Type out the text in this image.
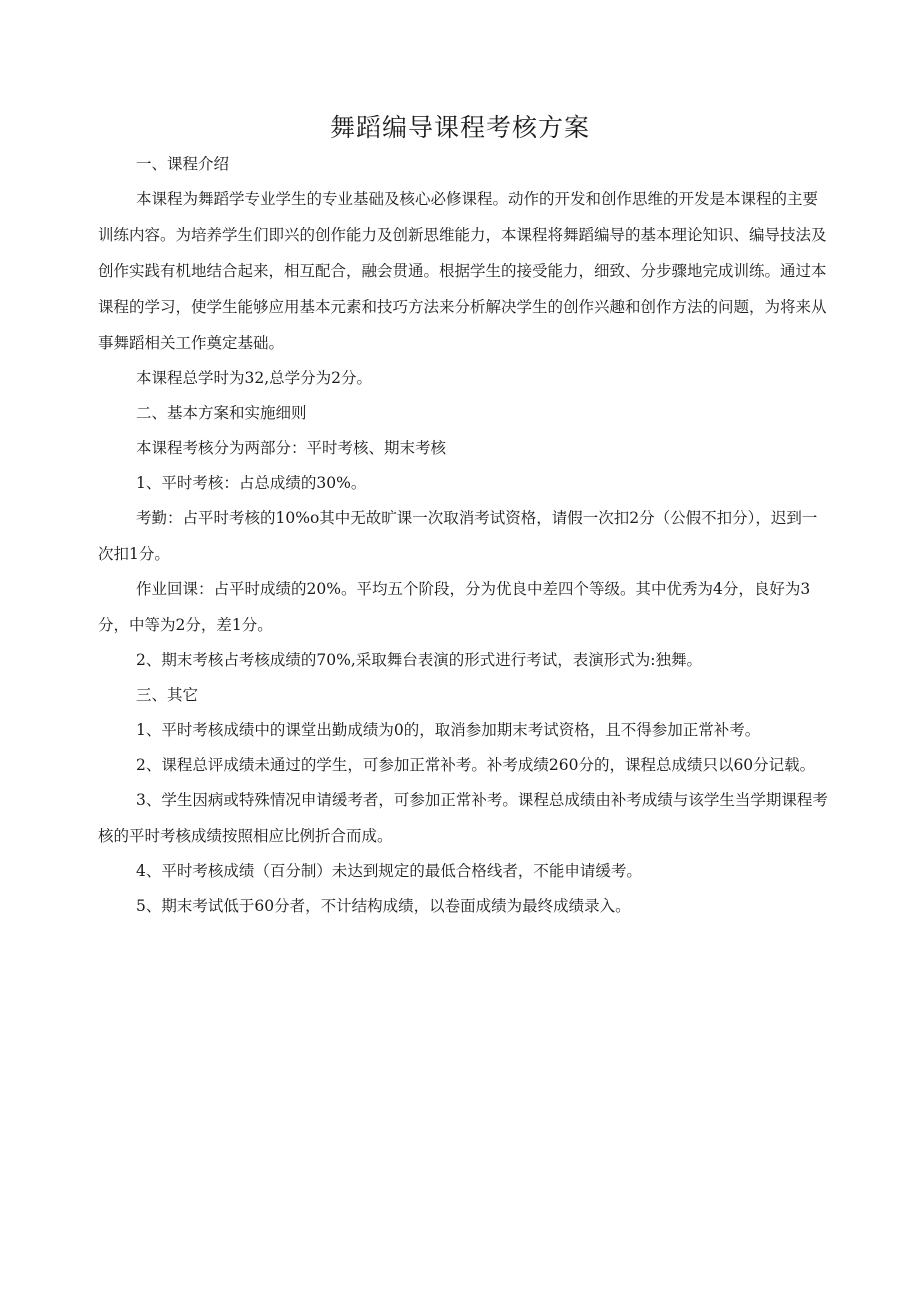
舞蹈编导课程考核方案

一、课程介绍

本课程为舞蹈学专业学生的专业基础及核心必修课程。动作的开发和创作思维的开发是本课程的主要训练内容。为培养学生们即兴的创作能力及创新思维能力，本课程将舞蹈编导的基本理论知识、编导技法及创作实践有机地结合起来，相互配合，融会贯通。根据学生的接受能力，细致、分步骤地完成训练。通过本课程的学习，使学生能够应用基本元素和技巧方法来分析解决学生的创作兴趣和创作方法的问题，为将来从事舞蹈相关工作奠定基础。

本课程总学时为32,总学分为2分。

二、基本方案和实施细则

本课程考核分为两部分：平时考核、期末考核

1、平时考核：占总成绩的30%。

考勤：占平时考核的10%o其中无故旷课一次取消考试资格，请假一次扣2分（公假不扣分），迟到一次扣1分。

作业回课：占平时成绩的20%。平均五个阶段，分为优良中差四个等级。其中优秀为4分，良好为3分，中等为2分，差1分。

2、期末考核占考核成绩的70%,采取舞台表演的形式进行考试，表演形式为:独舞。

三、其它

1、平时考核成绩中的课堂出勤成绩为0的，取消参加期末考试资格，且不得参加正常补考。

2、课程总评成绩未通过的学生，可参加正常补考。补考成绩260分的，课程总成绩只以60分记载。

3、学生因病或特殊情况申请缓考者，可参加正常补考。课程总成绩由补考成绩与该学生当学期课程考核的平时考核成绩按照相应比例折合而成。

4、平时考核成绩（百分制）未达到规定的最低合格线者，不能申请缓考。

5、期末考试低于60分者，不计结构成绩，以卷面成绩为最终成绩录入。
